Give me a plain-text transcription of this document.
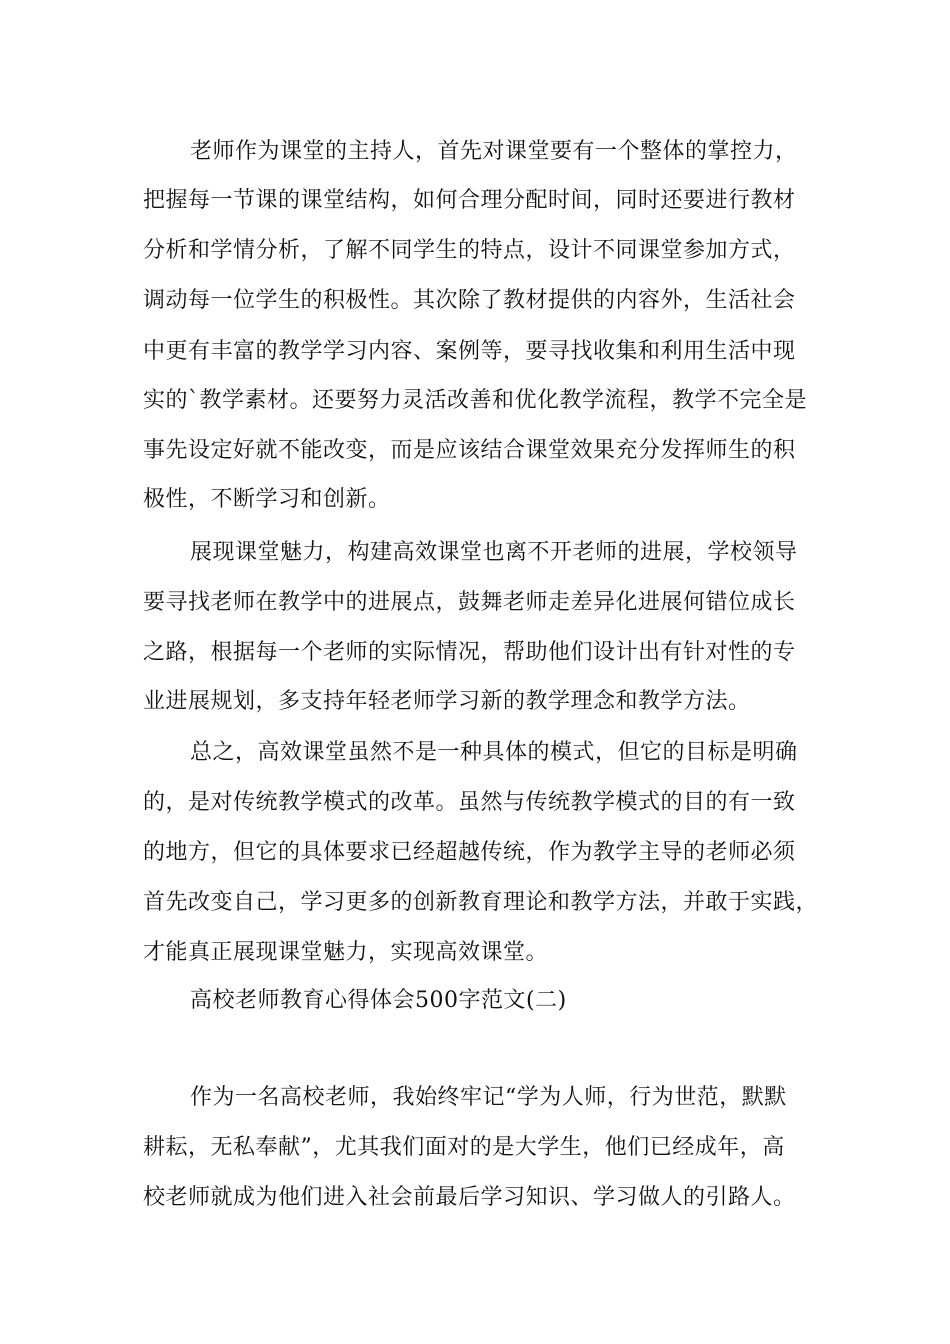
老师作为课堂的主持人，首先对课堂要有一个整体的掌控力，
把握每一节课的课堂结构，如何合理分配时间，同时还要进行教材
分析和学情分析，了解不同学生的特点，设计不同课堂参加方式，
调动每一位学生的积极性。其次除了教材提供的内容外，生活社会
中更有丰富的教学学习内容、案例等，要寻找收集和利用生活中现
实的`教学素材。还要努力灵活改善和优化教学流程，教学不完全是
事先设定好就不能改变，而是应该结合课堂效果充分发挥师生的积
极性，不断学习和创新。
展现课堂魅力，构建高效课堂也离不开老师的进展，学校领导
要寻找老师在教学中的进展点，鼓舞老师走差异化进展何错位成长
之路，根据每一个老师的实际情况，帮助他们设计出有针对性的专
业进展规划，多支持年轻老师学习新的教学理念和教学方法。
总之，高效课堂虽然不是一种具体的模式，但它的目标是明确
的，是对传统教学模式的改革。虽然与传统教学模式的目的有一致
的地方，但它的具体要求已经超越传统，作为教学主导的老师必须
首先改变自己，学习更多的创新教育理论和教学方法，并敢于实践，
才能真正展现课堂魅力，实现高效课堂。
高校老师教育心得体会500字范文(二)
作为一名高校老师，我始终牢记“学为人师，行为世范，默默
耕耘，无私奉献”，尤其我们面对的是大学生，他们已经成年，高
校老师就成为他们进入社会前最后学习知识、学习做人的引路人。
